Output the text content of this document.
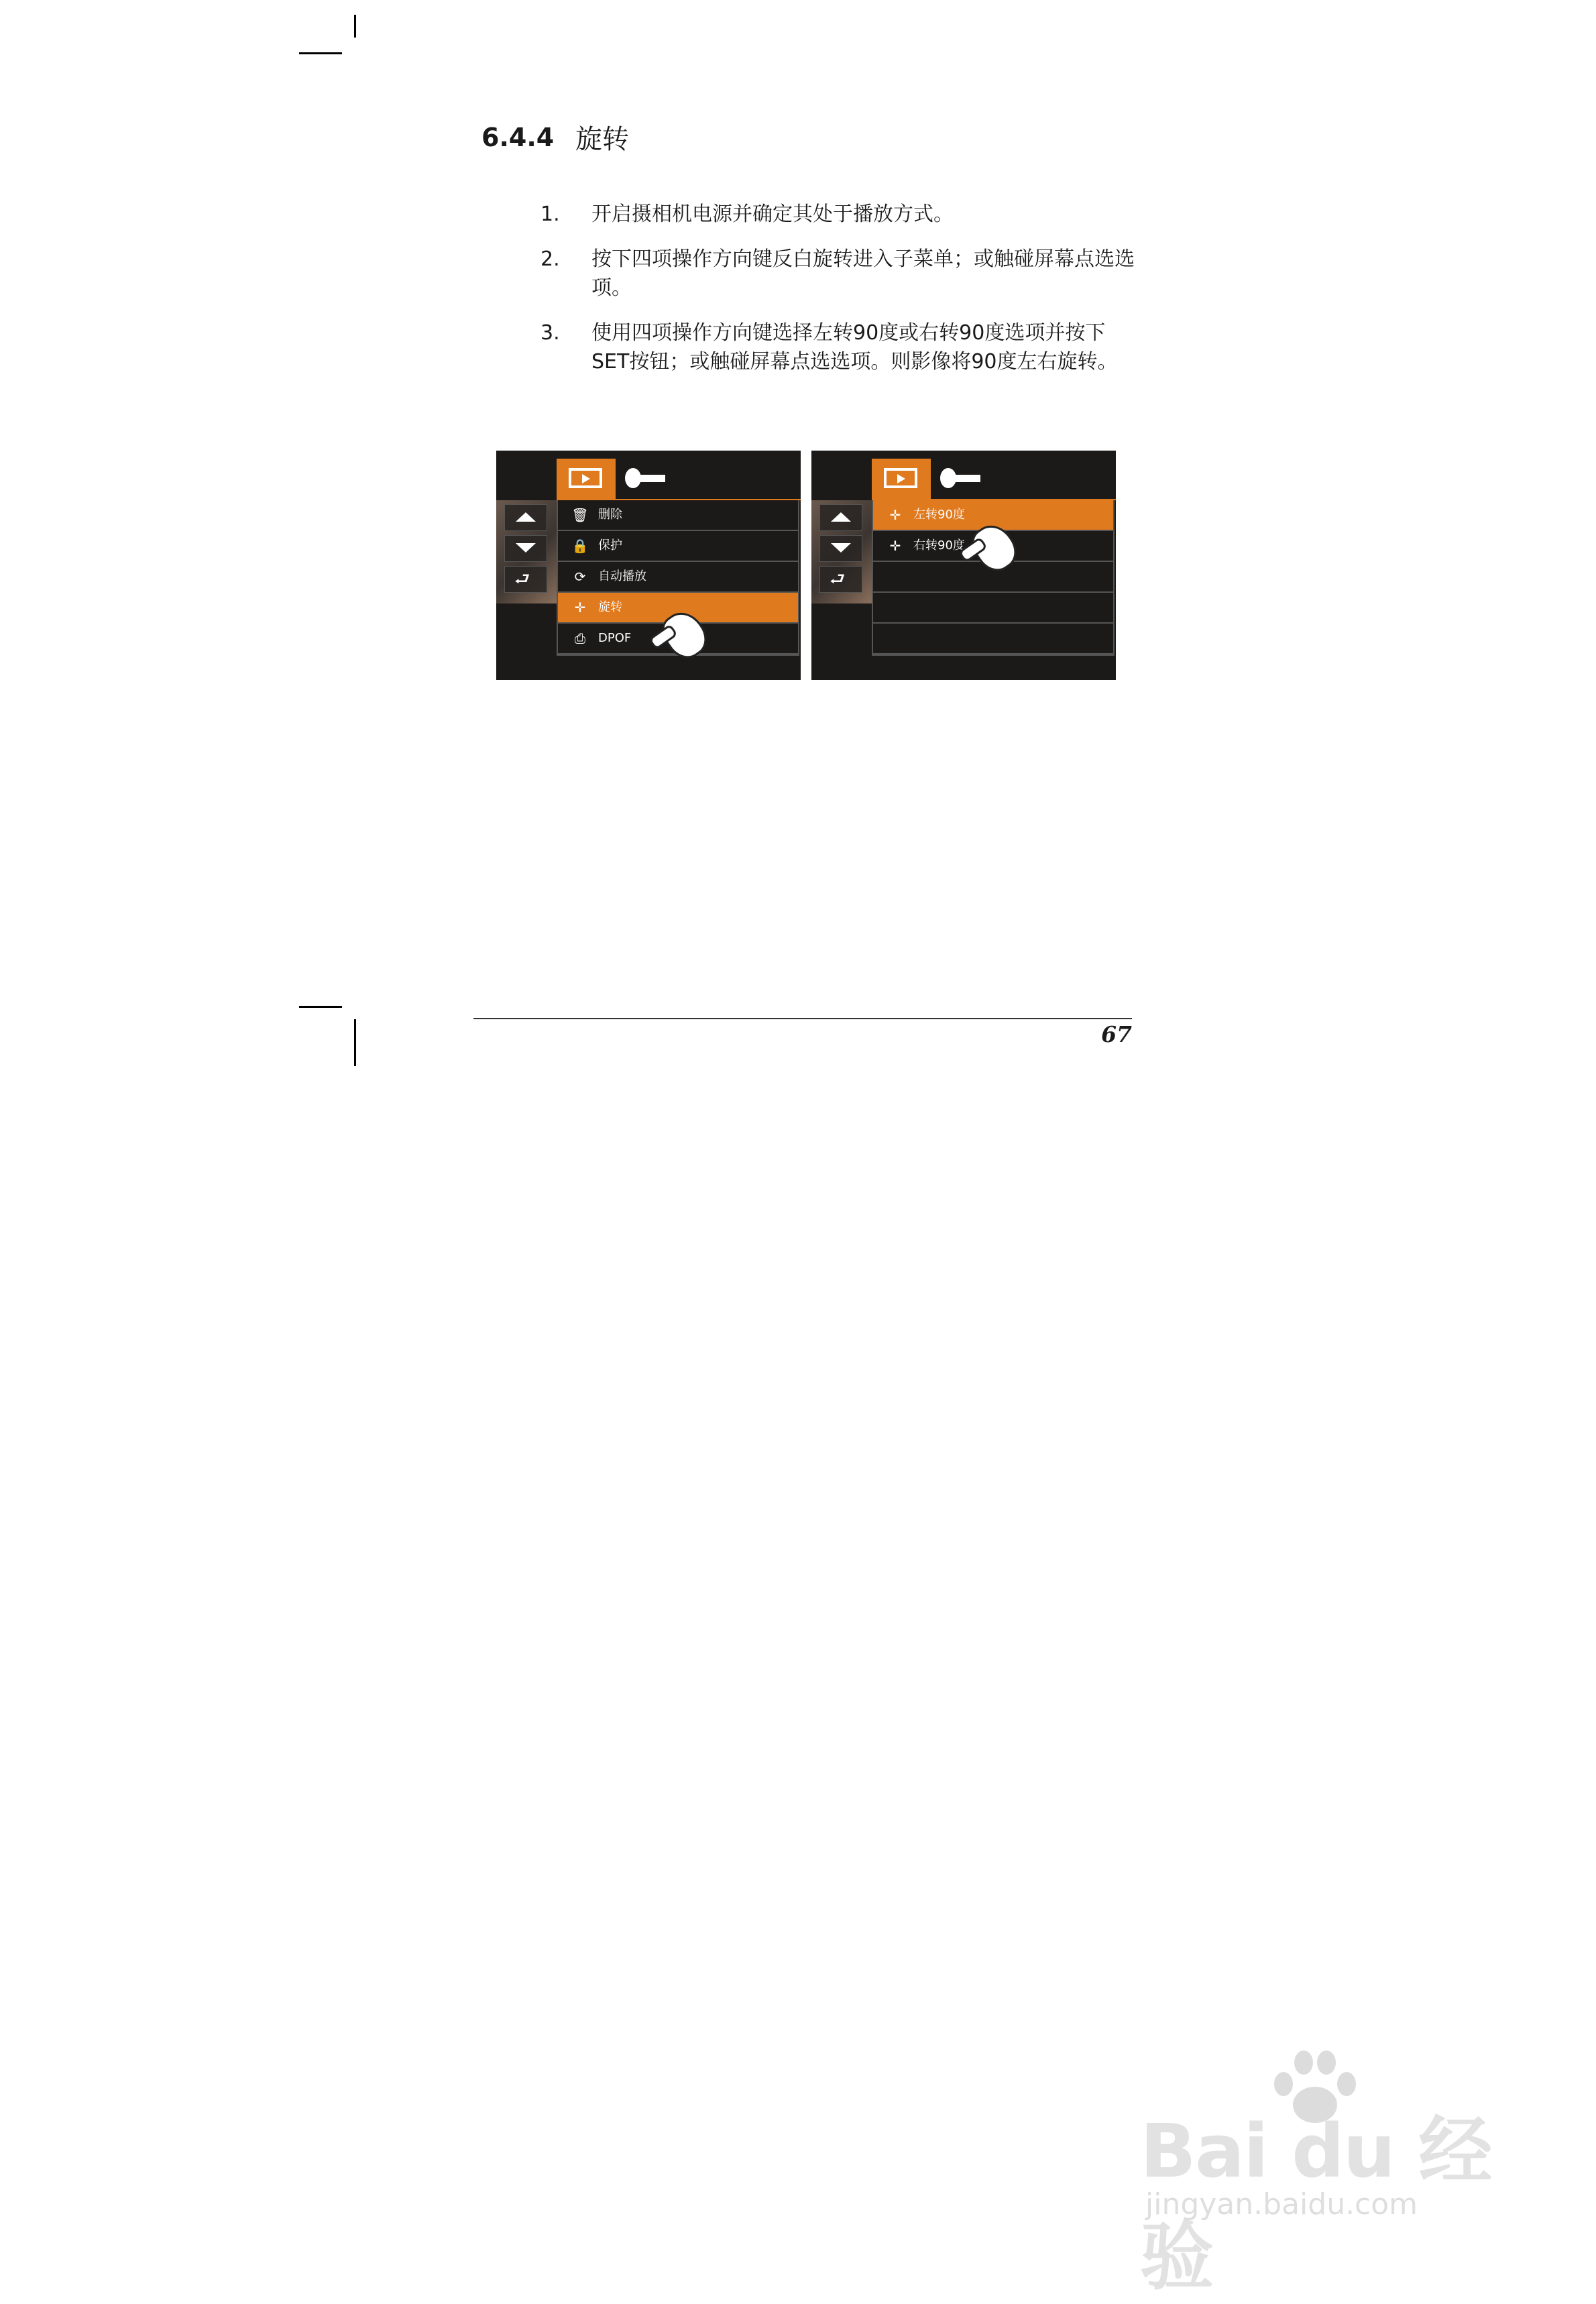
6.4.4 旋转
1. 开启摄相机电源并确定其处于播放方式。
2. 按下四项操作方向键反白旋转进入子菜单；或触碰屏幕点选选项。
3. 使用四项操作方向键选择左转90度或右转90度选项并按下SET按钮；或触碰屏幕点选选项。则影像将90度左右旋转。
⮐
🗑 删除
🔒 保护
⟳	自动播放
✛	旋转
⎙	DPOF
⮐
✛	左转90度
✛	右转90度
67
Bai du 经验
jingyan.baidu.com
